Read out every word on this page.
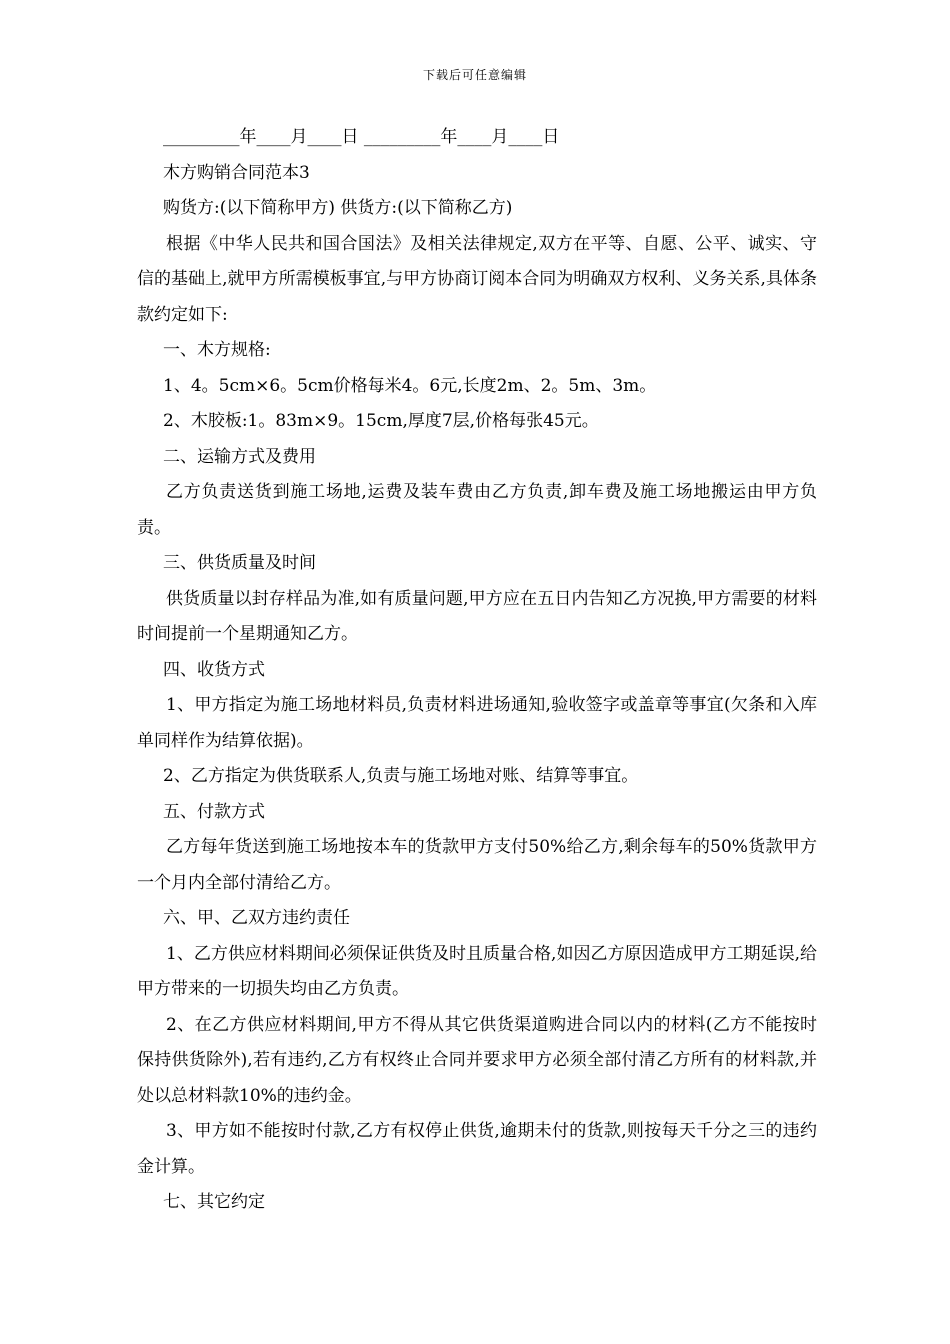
下载后可任意编辑

_________年____月____日 _________年____月____日

木方购销合同范本3

购货方:(以下简称甲方) 供货方:(以下简称乙方)

根据《中华人民共和国合国法》及相关法律规定,双方在平等、自愿、公平、诚实、守信的基础上,就甲方所需模板事宜,与甲方协商订阅本合同为明确双方权利、义务关系,具体条款约定如下:

一、木方规格:

1、4。5cm×6。5cm价格每米4。6元,长度2m、2。5m、3m。

2、木胶板:1。83m×9。15cm,厚度7层,价格每张45元。

二、运输方式及费用

乙方负责送货到施工场地,运费及装车费由乙方负责,卸车费及施工场地搬运由甲方负责。

三、供货质量及时间

供货质量以封存样品为准,如有质量问题,甲方应在五日内告知乙方况换,甲方需要的材料时间提前一个星期通知乙方。

四、收货方式

1、甲方指定为施工场地材料员,负责材料进场通知,验收签字或盖章等事宜(欠条和入库单同样作为结算依据)。

2、乙方指定为供货联系人,负责与施工场地对账、结算等事宜。

五、付款方式

乙方每年货送到施工场地按本车的货款甲方支付50%给乙方,剩余每车的50%货款甲方一个月内全部付清给乙方。

六、甲、乙双方违约责任

1、乙方供应材料期间必须保证供货及时且质量合格,如因乙方原因造成甲方工期延误,给甲方带来的一切损失均由乙方负责。

2、在乙方供应材料期间,甲方不得从其它供货渠道购进合同以内的材料(乙方不能按时保持供货除外),若有违约,乙方有权终止合同并要求甲方必须全部付清乙方所有的材料款,并处以总材料款10%的违约金。

3、甲方如不能按时付款,乙方有权停止供货,逾期未付的货款,则按每天千分之三的违约金计算。

七、其它约定
